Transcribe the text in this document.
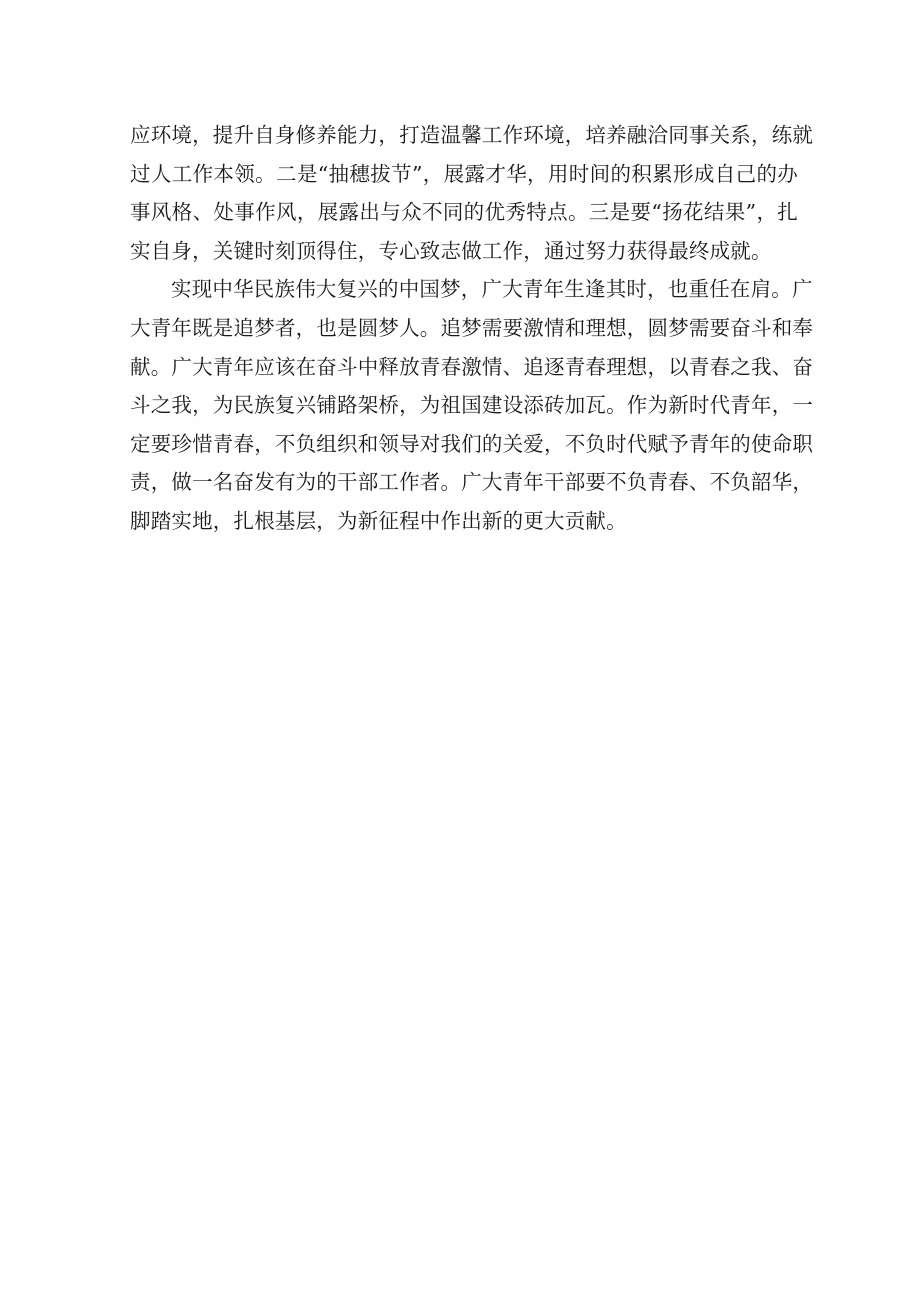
应环境，提升自身修养能力，打造温馨工作环境，培养融洽同事关系，练就
过人工作本领。二是“抽穗拔节”，展露才华，用时间的积累形成自己的办
事风格、处事作风，展露出与众不同的优秀特点。三是要“扬花结果”，扎
实自身，关键时刻顶得住，专心致志做工作，通过努力获得最终成就。
实现中华民族伟大复兴的中国梦，广大青年生逢其时，也重任在肩。广
大青年既是追梦者，也是圆梦人。追梦需要激情和理想，圆梦需要奋斗和奉
献。广大青年应该在奋斗中释放青春激情、追逐青春理想，以青春之我、奋
斗之我，为民族复兴铺路架桥，为祖国建设添砖加瓦。作为新时代青年，一
定要珍惜青春，不负组织和领导对我们的关爱，不负时代赋予青年的使命职
责，做一名奋发有为的干部工作者。广大青年干部要不负青春、不负韶华，
脚踏实地，扎根基层，为新征程中作出新的更大贡献。
